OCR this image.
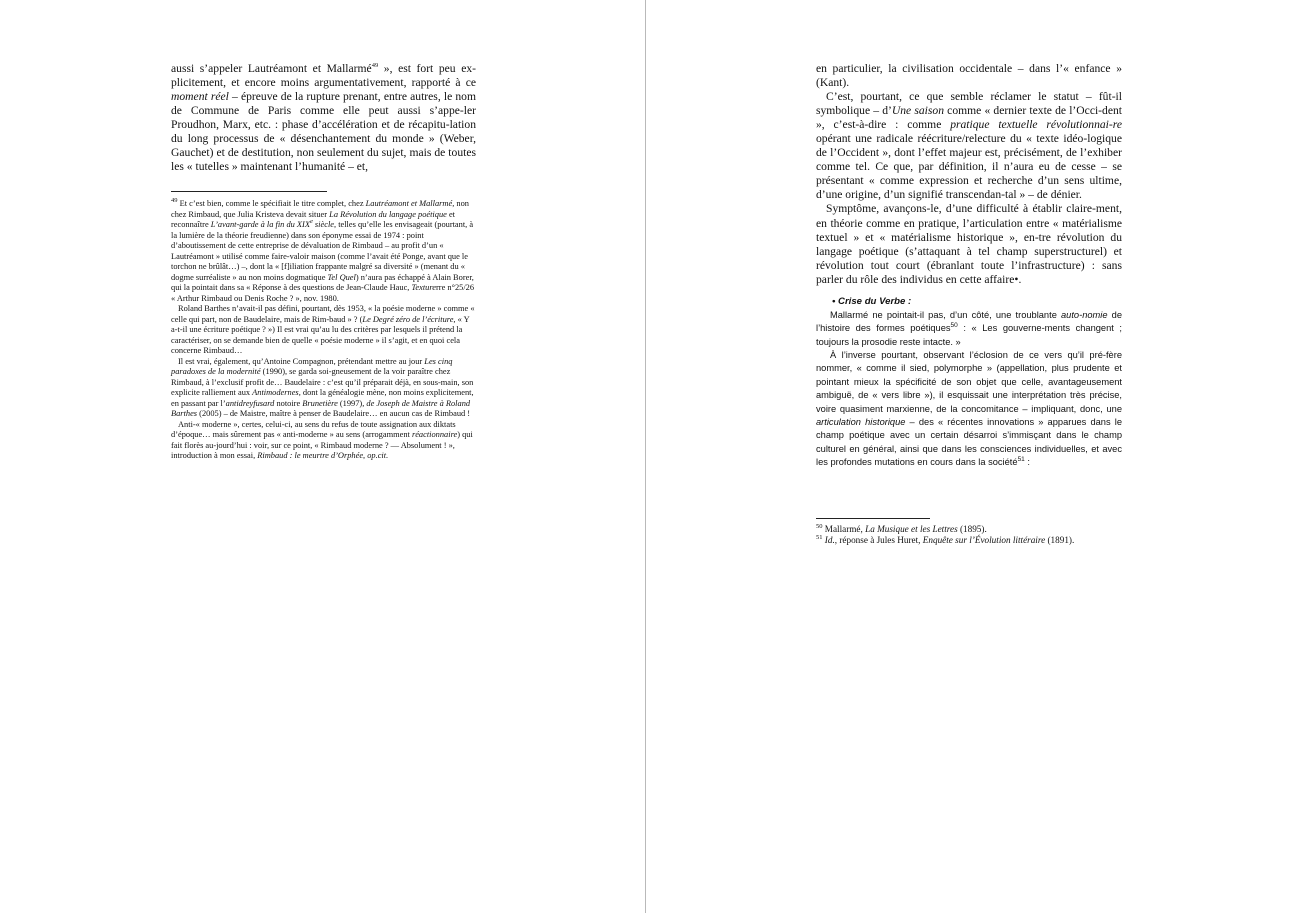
aussi s’appeler Lautréamont et Mallarmé$^{49}$ », est fort peu ex-plicitement, et encore moins argumentativement, rapporté à ce moment réel – épreuve de la rupture prenant, entre autres, le nom de Commune de Paris comme elle peut aussi s’appe-ler Proudhon, Marx, etc. : phase d’accélération et de récapitu-lation du long processus de « désenchantement du monde » (Weber, Gauchet) et de destitution, non seulement du sujet, mais de toutes les « tutelles » maintenant l’humanité – et,

$^{49}$ Et c’est bien, comme le spécifiait le titre complet, chez Lautréamont et Mallarmé, non chez Rimbaud, que Julia Kristeva devait situer La Révolution du langage poétique et reconnaître L’avant-garde à la fin du XIXe siècle, telles qu’elle les envisageait (pourtant, à la lumière de la théorie freudienne) dans son éponyme essai de 1974 : point d’aboutissement de cette entreprise de dévaluation de Rimbaud – au profit d’un « Lautréamont » utilisé comme faire-valoir maison (comme l’avait été Ponge, avant que le torchon ne brûlât…) –, dont la « [f]iliation frappante malgré sa diversité » (menant du « dogme surréaliste » au non moins dogmatique Tel Quel) n’aura pas échappé à Alain Borer, qui la pointait dans sa « Réponse à des questions de Jean-Claude Hauc, Texturerre n°25/26 « Arthur Rimbaud ou Denis Roche ? », nov. 1980.

Roland Barthes n’avait-il pas défini, pourtant, dès 1953, « la poésie moderne » comme « celle qui part, non de Baudelaire, mais de Rim-baud » ? (Le Degré zéro de l’écriture, « Y a-t-il une écriture poétique ? ») Il est vrai qu’au lu des critères par lesquels il prétend la caractériser, on se demande bien de quelle « poésie moderne » il s’agit, et en quoi cela concerne Rimbaud…

Il est vrai, également, qu’Antoine Compagnon, prétendant mettre au jour Les cinq paradoxes de la modernité (1990), se garda soi-gneusement de la voir paraître chez Rimbaud, à l’exclusif profit de… Baudelaire : c’est qu’il préparait déjà, en sous-main, son explicite ralliement aux Antimodernes, dont la généalogie mène, non moins explicitement, en passant par l’antidreyfusard notoire Brunetière (1997), de Joseph de Maistre à Roland Barthes (2005) – de Maistre, maître à penser de Baudelaire… en aucun cas de Rimbaud !

Anti-« moderne », certes, celui-ci, au sens du refus de toute assignation aux diktats d’époque… mais sûrement pas « anti-moderne » au sens (arrogamment réactionnaire) qui fait florès au-jourd’hui : voir, sur ce point, « Rimbaud moderne ? — Absolument ! », introduction à mon essai, Rimbaud : le meurtre d’Orphée, op.cit.

en particulier, la civilisation occidentale – dans l’« enfance » (Kant).

C’est, pourtant, ce que semble réclamer le statut – fût-il symbolique – d’Une saison comme « dernier texte de l’Occi-dent », c’est-à-dire : comme pratique textuelle révolutionnai-re opérant une radicale réécriture/relecture du « texte idéo-logique de l’Occident », dont l’effet majeur est, précisément, de l’exhiber comme tel. Ce que, par définition, il n’aura eu de cesse – se présentant « comme expression et recherche d’un sens ultime, d’une origine, d’un signifié transcendan-tal » – de dénier.

Symptôme, avançons-le, d’une difficulté à établir claire-ment, en théorie comme en pratique, l’articulation entre « matérialisme textuel » et « matérialisme historique », en-tre révolution du langage poétique (s’attaquant à tel champ superstructurel) et révolution tout court (ébranlant toute l’infrastructure) : sans parler du rôle des individus en cette affaire•.

• Crise du Verbe :

Mallarmé ne pointait-il pas, d’un côté, une troublante auto-nomie de l’histoire des formes poétiques$^{50}$ : « Les gouverne-ments changent ; toujours la prosodie reste intacte. »

À l’inverse pourtant, observant l’éclosion de ce vers qu’il pré-fère nommer, « comme il sied, polymorphe » (appellation, plus prudente et pointant mieux la spécificité de son objet que celle, avantageusement ambiguë, de « vers libre »), il esquissait une interprétation très précise, voire quasiment marxienne, de la concomitance – impliquant, donc, une articulation historique – des « récentes innovations » apparues dans le champ poétique avec un certain désarroi s’immisçant dans le champ culturel en général, ainsi que dans les consciences individuelles, et avec les profondes mutations en cours dans la société$^{51}$ :

$^{50}$ Mallarmé, La Musique et les Lettres (1895).

$^{51}$ Id., réponse à Jules Huret, Enquête sur l’Évolution littéraire (1891).
